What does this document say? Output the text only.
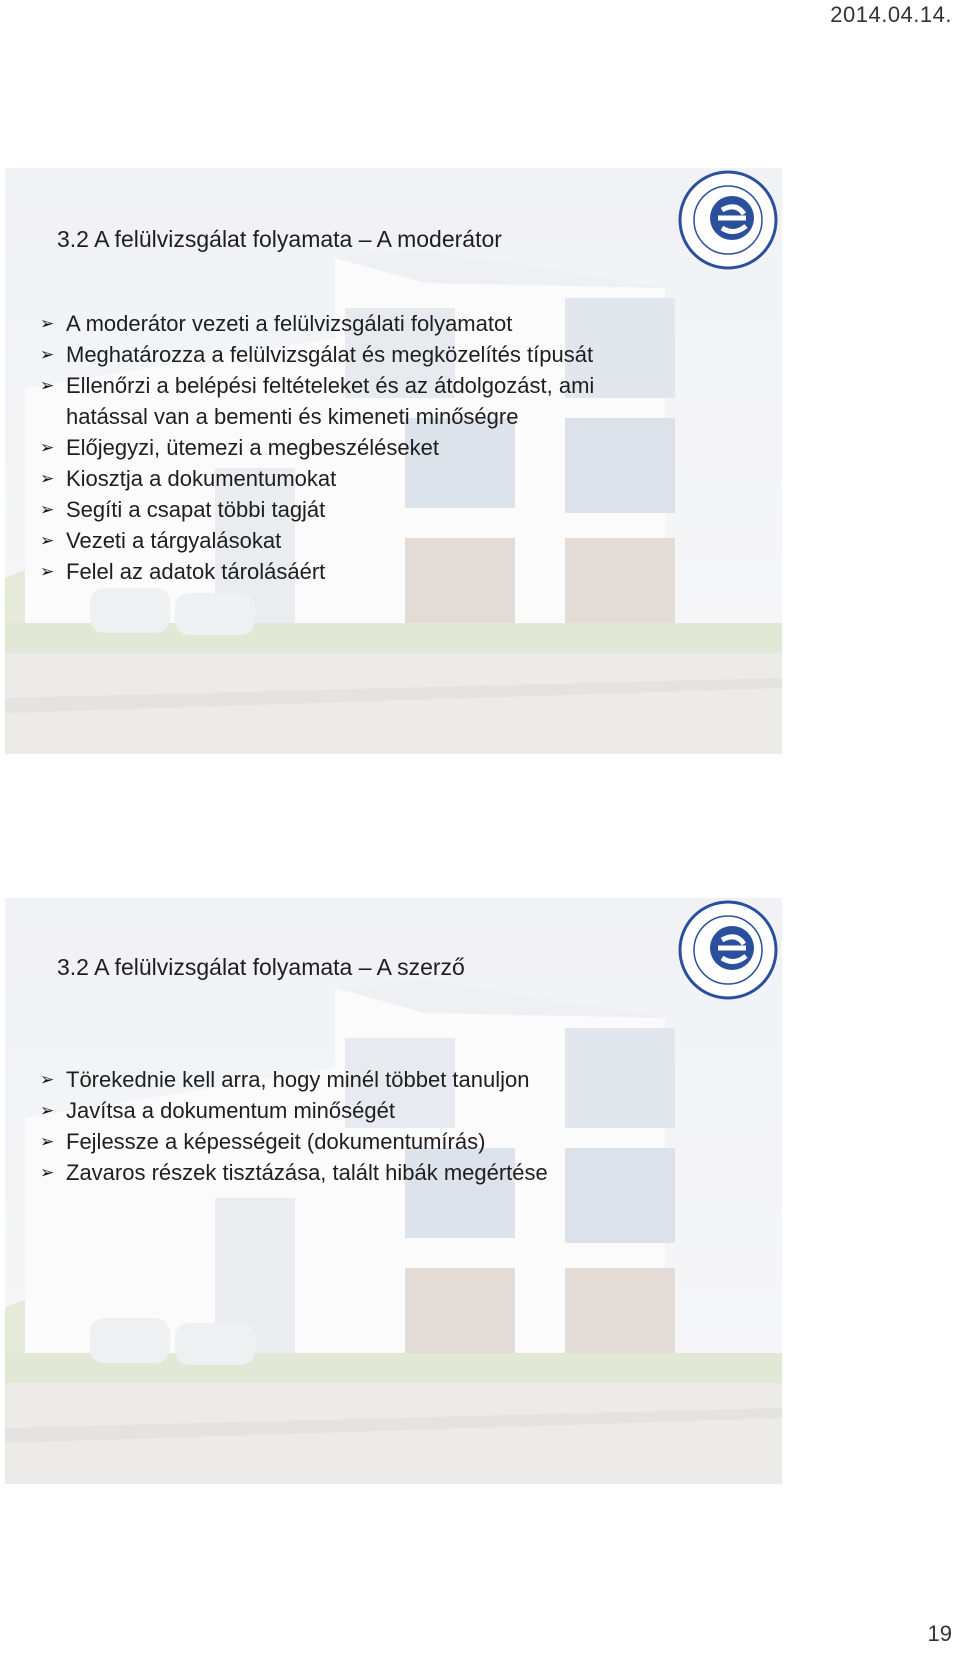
2014.04.14.
3.2 A felülvizsgálat folyamata – A moderátor
➢ A moderátor vezeti a felülvizsgálati folyamatot
➢ Meghatározza a felülvizsgálat és megközelítés típusát
➢ Ellenőrzi a belépési feltételeket és az átdolgozást, ami
hatással van a bementi és kimeneti minőségre
➢ Előjegyzi, ütemezi a megbeszéléseket
➢ Kiosztja a dokumentumokat
➢ Segíti a csapat többi tagját
➢ Vezeti a tárgyalásokat
➢ Felel az adatok tárolásáért
3.2 A felülvizsgálat folyamata – A szerző
➢ Törekednie kell arra, hogy minél többet tanuljon
➢ Javítsa a dokumentum minőségét
➢ Fejlessze a képességeit (dokumentumírás)
➢ Zavaros részek tisztázása, talált hibák megértése
19
